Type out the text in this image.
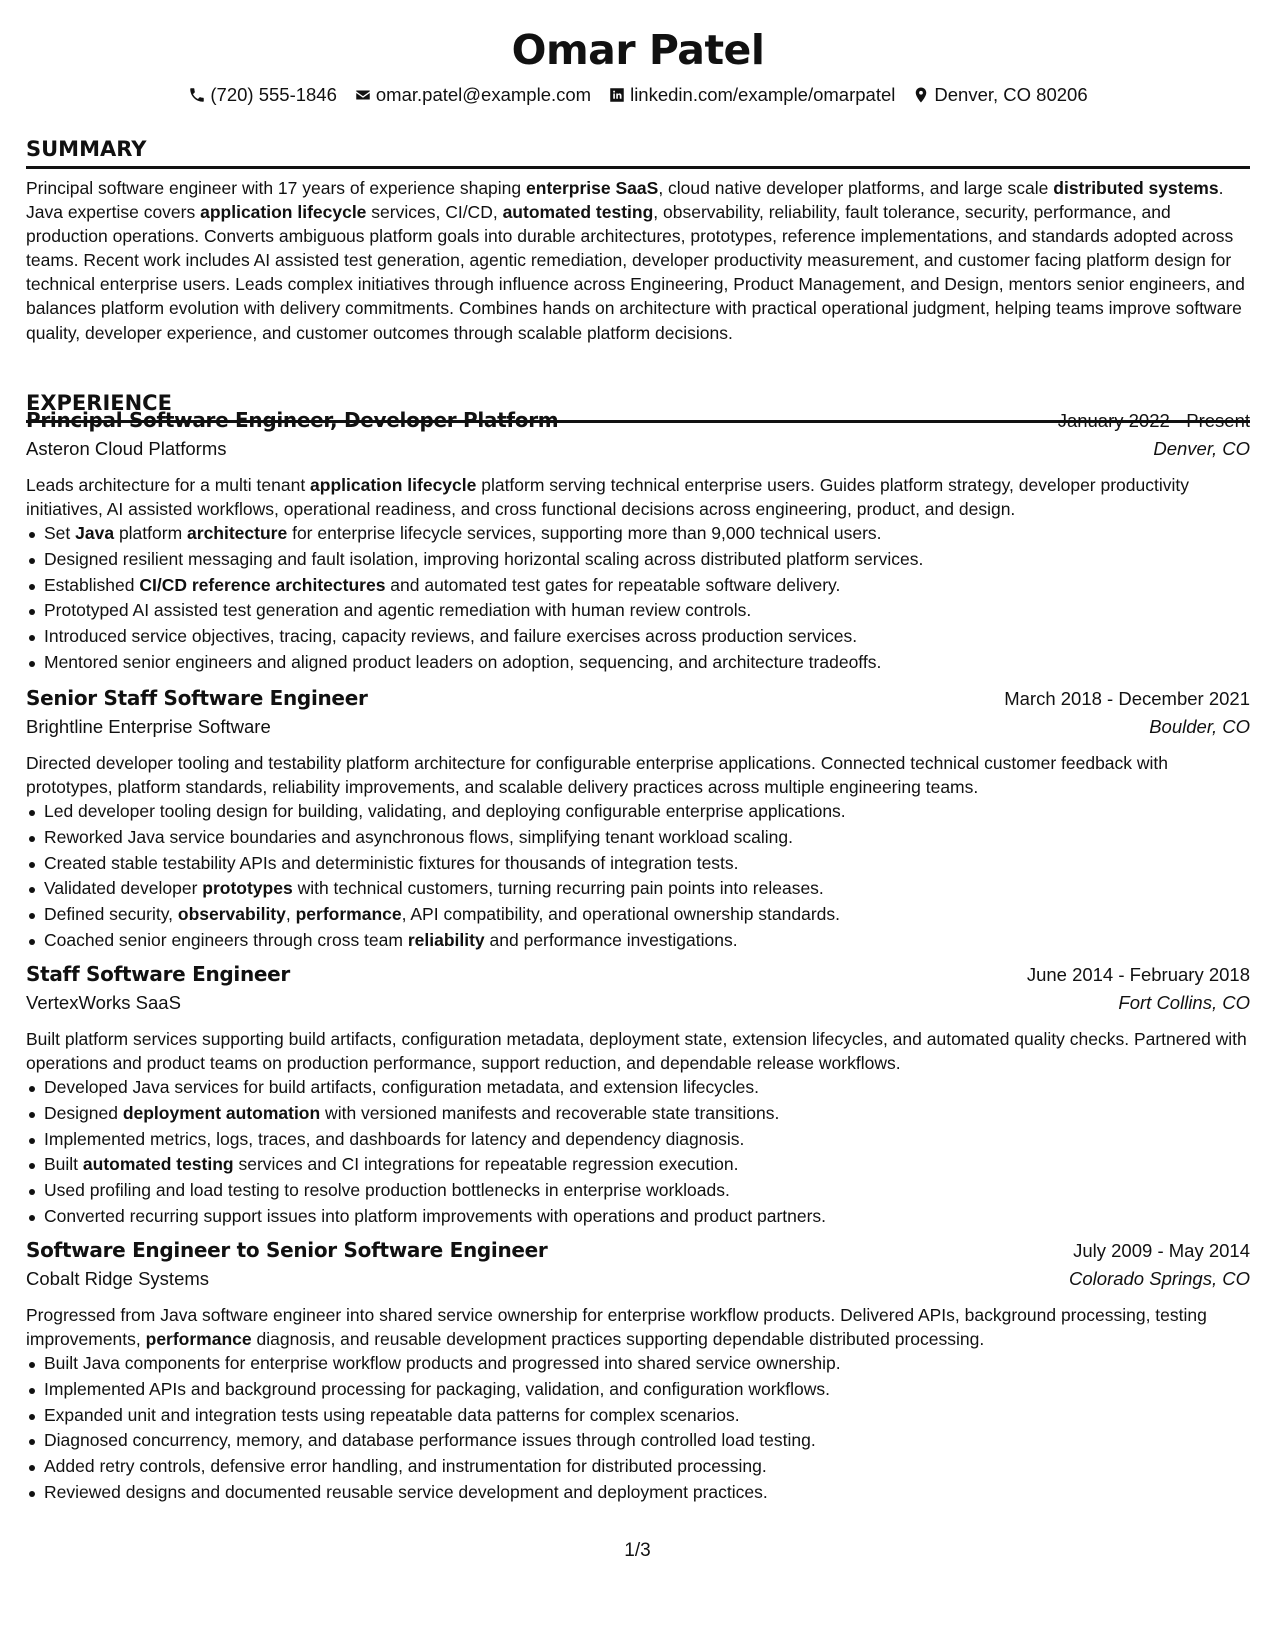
Omar Patel
(720) 555-1846 omar.patel@example.com linkedin.com/example/omarpatel Denver, CO 80206
SUMMARY
Principal software engineer with 17 years of experience shaping enterprise SaaS, cloud native developer platforms, and large scale distributed systems. Java expertise covers application lifecycle services, CI/CD, automated testing, observability, reliability, fault tolerance, security, performance, and production operations. Converts ambiguous platform goals into durable architectures, prototypes, reference implementations, and standards adopted across teams. Recent work includes AI assisted test generation, agentic remediation, developer productivity measurement, and customer facing platform design for technical enterprise users. Leads complex initiatives through influence across Engineering, Product Management, and Design, mentors senior engineers, and balances platform evolution with delivery commitments. Combines hands on architecture with practical operational judgment, helping teams improve software quality, developer experience, and customer outcomes through scalable platform decisions.
EXPERIENCE
Principal Software Engineer, Developer Platform	January 2022 - Present
Asteron Cloud Platforms	Denver, CO
Leads architecture for a multi tenant application lifecycle platform serving technical enterprise users. Guides platform strategy, developer productivity initiatives, AI assisted workflows, operational readiness, and cross functional decisions across engineering, product, and design.
Set Java platform architecture for enterprise lifecycle services, supporting more than 9,000 technical users.
Designed resilient messaging and fault isolation, improving horizontal scaling across distributed platform services.
Established CI/CD reference architectures and automated test gates for repeatable software delivery.
Prototyped AI assisted test generation and agentic remediation with human review controls.
Introduced service objectives, tracing, capacity reviews, and failure exercises across production services.
Mentored senior engineers and aligned product leaders on adoption, sequencing, and architecture tradeoffs.
Senior Staff Software Engineer	March 2018 - December 2021
Brightline Enterprise Software	Boulder, CO
Directed developer tooling and testability platform architecture for configurable enterprise applications. Connected technical customer feedback with prototypes, platform standards, reliability improvements, and scalable delivery practices across multiple engineering teams.
Led developer tooling design for building, validating, and deploying configurable enterprise applications.
Reworked Java service boundaries and asynchronous flows, simplifying tenant workload scaling.
Created stable testability APIs and deterministic fixtures for thousands of integration tests.
Validated developer prototypes with technical customers, turning recurring pain points into releases.
Defined security, observability, performance, API compatibility, and operational ownership standards.
Coached senior engineers through cross team reliability and performance investigations.
Staff Software Engineer	June 2014 - February 2018
VertexWorks SaaS	Fort Collins, CO
Built platform services supporting build artifacts, configuration metadata, deployment state, extension lifecycles, and automated quality checks. Partnered with operations and product teams on production performance, support reduction, and dependable release workflows.
Developed Java services for build artifacts, configuration metadata, and extension lifecycles.
Designed deployment automation with versioned manifests and recoverable state transitions.
Implemented metrics, logs, traces, and dashboards for latency and dependency diagnosis.
Built automated testing services and CI integrations for repeatable regression execution.
Used profiling and load testing to resolve production bottlenecks in enterprise workloads.
Converted recurring support issues into platform improvements with operations and product partners.
Software Engineer to Senior Software Engineer	July 2009 - May 2014
Cobalt Ridge Systems	Colorado Springs, CO
Progressed from Java software engineer into shared service ownership for enterprise workflow products. Delivered APIs, background processing, testing improvements, performance diagnosis, and reusable development practices supporting dependable distributed processing.
Built Java components for enterprise workflow products and progressed into shared service ownership.
Implemented APIs and background processing for packaging, validation, and configuration workflows.
Expanded unit and integration tests using repeatable data patterns for complex scenarios.
Diagnosed concurrency, memory, and database performance issues through controlled load testing.
Added retry controls, defensive error handling, and instrumentation for distributed processing.
Reviewed designs and documented reusable service development and deployment practices.
1/3
